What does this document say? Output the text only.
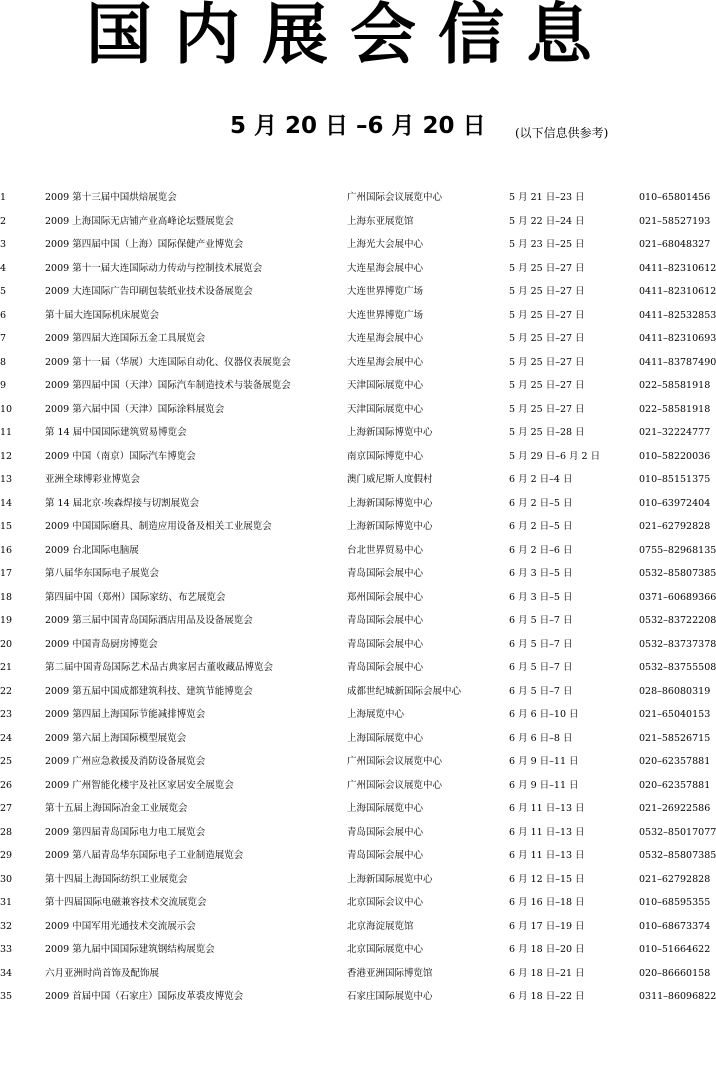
国内展会信息
5 月 20 日 –6 月 20 日 (以下信息供参考)
1	2009 第十三届中国烘焙展览会	广州国际会议展览中心	5 月 21 日–23 日	010–65801456
2	2009 上海国际无店铺产业高峰论坛暨展览会	上海东亚展览馆	5 月 22 日–24 日	021–58527193
3	2009 第四届中国（上海）国际保健产业博览会	上海光大会展中心	5 月 23 日–25 日	021–68048327
4	2009 第十一届大连国际动力传动与控制技术展览会	大连星海会展中心	5 月 25 日–27 日	0411–82310612
5	2009 大连国际广告印刷包装纸业技术设备展览会	大连世界博览广场	5 月 25 日–27 日	0411–82310612
6	第十届大连国际机床展览会	大连世界博览广场	5 月 25 日–27 日	0411–82532853
7	2009 第四届大连国际五金工具展览会	大连星海会展中心	5 月 25 日–27 日	0411–82310693
8	2009 第十一届（华展）大连国际自动化、仪器仪表展览会	大连星海会展中心	5 月 25 日–27 日	0411–83787490
9	2009 第四届中国（天津）国际汽车制造技术与装备展览会	天津国际展览中心	5 月 25 日–27 日	022–58581918
10	2009 第六届中国（天津）国际涂料展览会	天津国际展览中心	5 月 25 日–27 日	022–58581918
11	第 14 届中国国际建筑贸易博览会	上海新国际博览中心	5 月 25 日–28 日	021–32224777
12	2009 中国（南京）国际汽车博览会	南京国际博览中心	5 月 29 日–6 月 2 日	010–58220036
13	亚洲全球博彩业博览会	澳门威尼斯人度假村	6 月 2 日–4 日	010–85151375
14	第 14 届北京·埃森焊接与切割展览会	上海新国际博览中心	6 月 2 日–5 日	010–63972404
15	2009 中国国际磨具、制造应用设备及相关工业展览会	上海新国际博览中心	6 月 2 日–5 日	021–62792828
16	2009 台北国际电脑展	台北世界贸易中心	6 月 2 日–6 日	0755–82968135
17	第八届华东国际电子展览会	青岛国际会展中心	6 月 3 日–5 日	0532–85807385
18	第四届中国（郑州）国际家纺、布艺展览会	郑州国际会展中心	6 月 3 日–5 日	0371–60689366
19	2009 第三届中国青岛国际酒店用品及设备展览会	青岛国际会展中心	6 月 5 日–7 日	0532–83722208
20	2009 中国青岛厨房博览会	青岛国际会展中心	6 月 5 日–7 日	0532–83737378
21	第二届中国青岛国际艺术品古典家居古董收藏品博览会	青岛国际会展中心	6 月 5 日–7 日	0532–83755508
22	2009 第五届中国成都建筑科技、建筑节能博览会	成都世纪城新国际会展中心	6 月 5 日–7 日	028–86080319
23	2009 第四届上海国际节能减排博览会	上海展览中心	6 月 6 日–10 日	021–65040153
24	2009 第六届上海国际模型展览会	上海国际展览中心	6 月 6 日–8 日	021–58526715
25	2009 广州应急救援及消防设备展览会	广州国际会议展览中心	6 月 9 日–11 日	020–62357881
26	2009 广州智能化楼宇及社区家居安全展览会	广州国际会议展览中心	6 月 9 日–11 日	020–62357881
27	第十五届上海国际冶金工业展览会	上海国际展览中心	6 月 11 日–13 日	021–26922586
28	2009 第四届青岛国际电力电工展览会	青岛国际会展中心	6 月 11 日–13 日	0532–85017077
29	2009 第八届青岛华东国际电子工业制造展览会	青岛国际会展中心	6 月 11 日–13 日	0532–85807385
30	第十四届上海国际纺织工业展览会	上海新国际展览中心	6 月 12 日–15 日	021–62792828
31	第十四届国际电磁兼容技术交流展览会	北京国际会议中心	6 月 16 日–18 日	010–68595355
32	2009 中国军用光通技术交流展示会	北京海淀展览馆	6 月 17 日–19 日	010–68673374
33	2009 第九届中国国际建筑钢结构展览会	北京国际展览中心	6 月 18 日–20 日	010–51664622
34	六月亚洲时尚首饰及配饰展	香港亚洲国际博览馆	6 月 18 日–21 日	020–86660158
35	2009 首届中国（石家庄）国际皮革裘皮博览会	石家庄国际展览中心	6 月 18 日–22 日	0311–86096822
